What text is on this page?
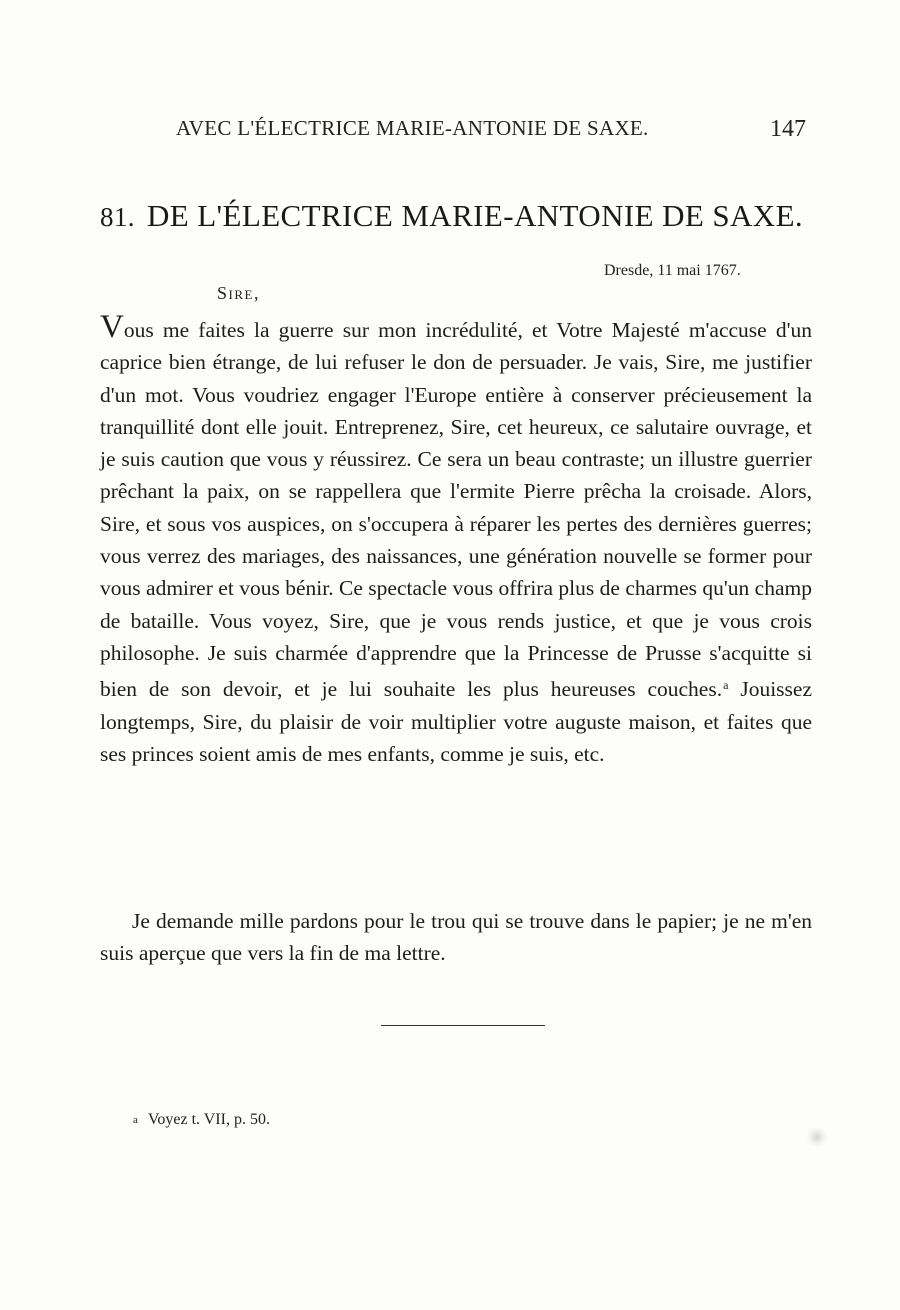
AVEC L'ÉLECTRICE MARIE-ANTONIE DE SAXE.	147
81. DE L'ÉLECTRICE MARIE-ANTONIE DE SAXE.
Dresde, 11 mai 1767.
Sire,

Vous me faites la guerre sur mon incrédulité, et Votre Majesté m'accuse d'un caprice bien étrange, de lui refuser le don de persuader. Je vais, Sire, me justifier d'un mot. Vous voudriez engager l'Europe entière à conserver précieusement la tranquillité dont elle jouit. Entreprenez, Sire, cet heureux, ce salutaire ouvrage, et je suis caution que vous y réussirez. Ce sera un beau contraste; un illustre guerrier prêchant la paix, on se rappellera que l'ermite Pierre prêcha la croisade. Alors, Sire, et sous vos auspices, on s'occupera à réparer les pertes des dernières guerres; vous verrez des mariages, des naissances, une génération nouvelle se former pour vous admirer et vous bénir. Ce spectacle vous offrira plus de charmes qu'un champ de bataille. Vous voyez, Sire, que je vous rends justice, et que je vous crois philosophe. Je suis charmée d'apprendre que la Princesse de Prusse s'acquitte si bien de son devoir, et je lui souhaite les plus heureuses couches.$^a$ Jouissez longtemps, Sire, du plaisir de voir multiplier votre auguste maison, et faites que ses princes soient amis de mes enfants, comme je suis, etc.

Je demande mille pardons pour le trou qui se trouve dans le papier; je ne m'en suis aperçue que vers la fin de ma lettre.

a Voyez t. VII, p. 50.
